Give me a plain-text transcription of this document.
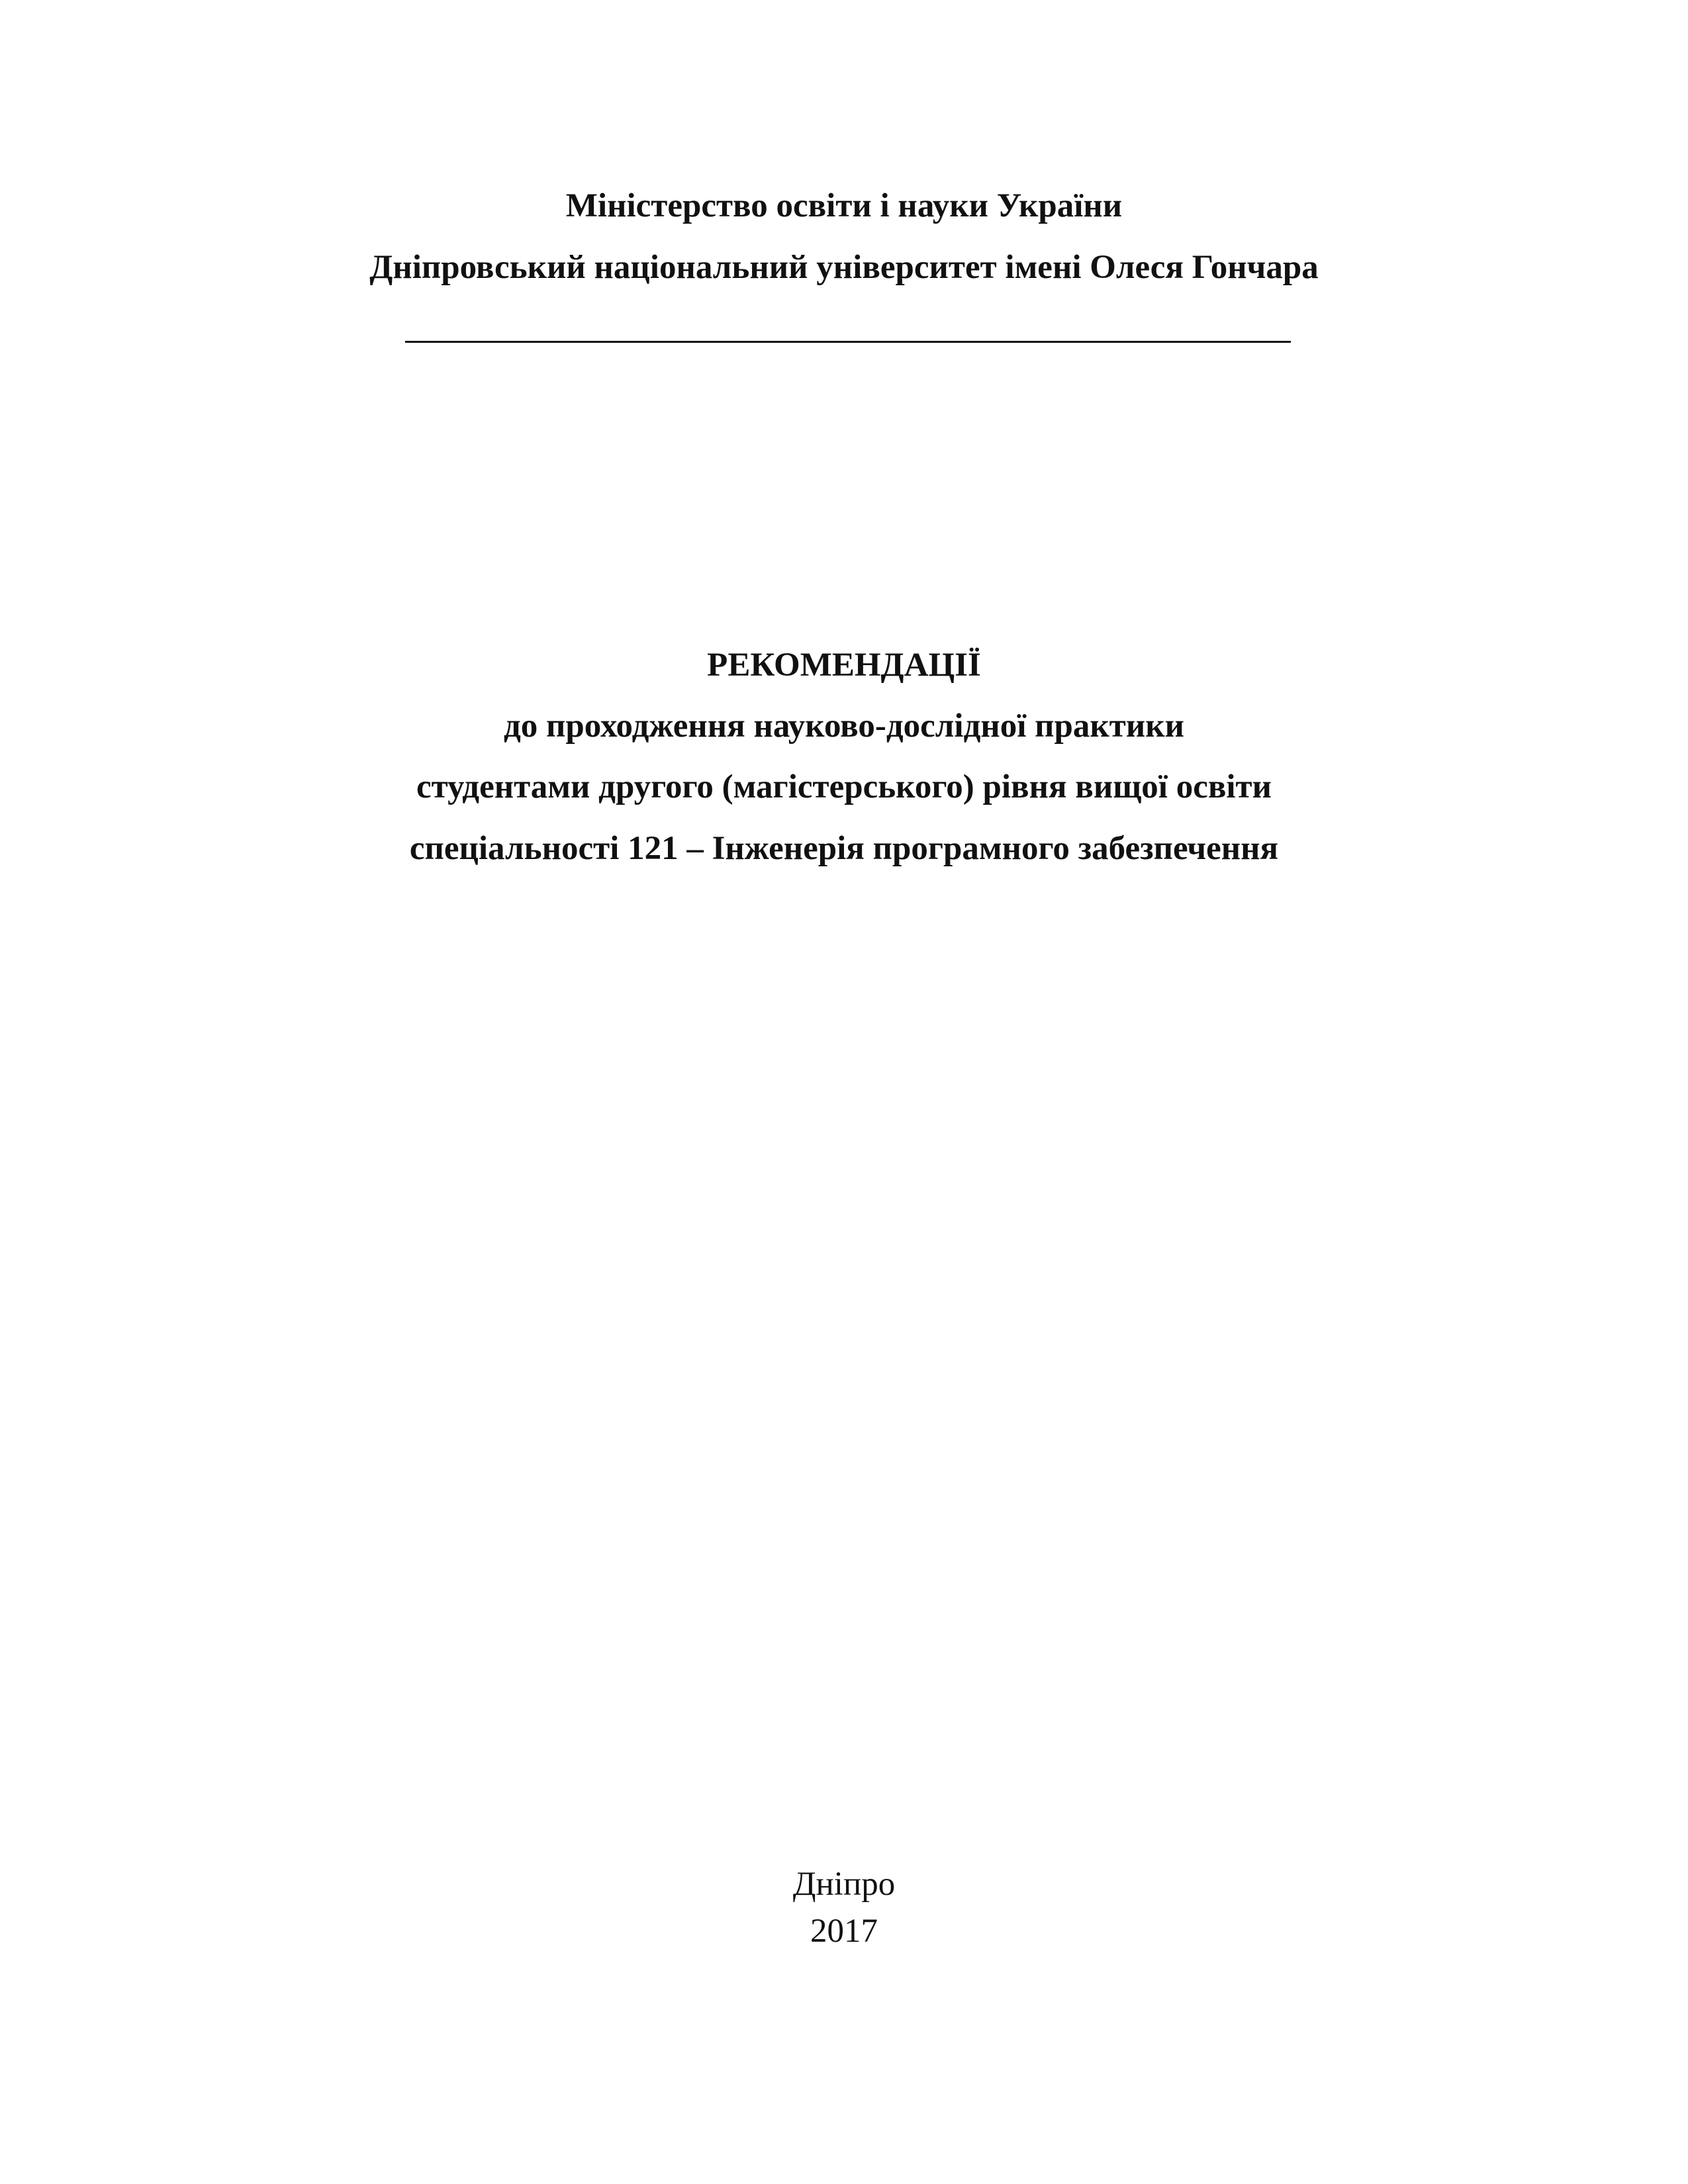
Міністерство освіти і науки України
Дніпровський національний університет імені Олеся Гончара
РЕКОМЕНДАЦІЇ
до проходження науково-дослідної практики
студентами другого (магістерського) рівня вищої освіти
спеціальності 121 – Інженерія програмного забезпечення
Дніпро
2017
